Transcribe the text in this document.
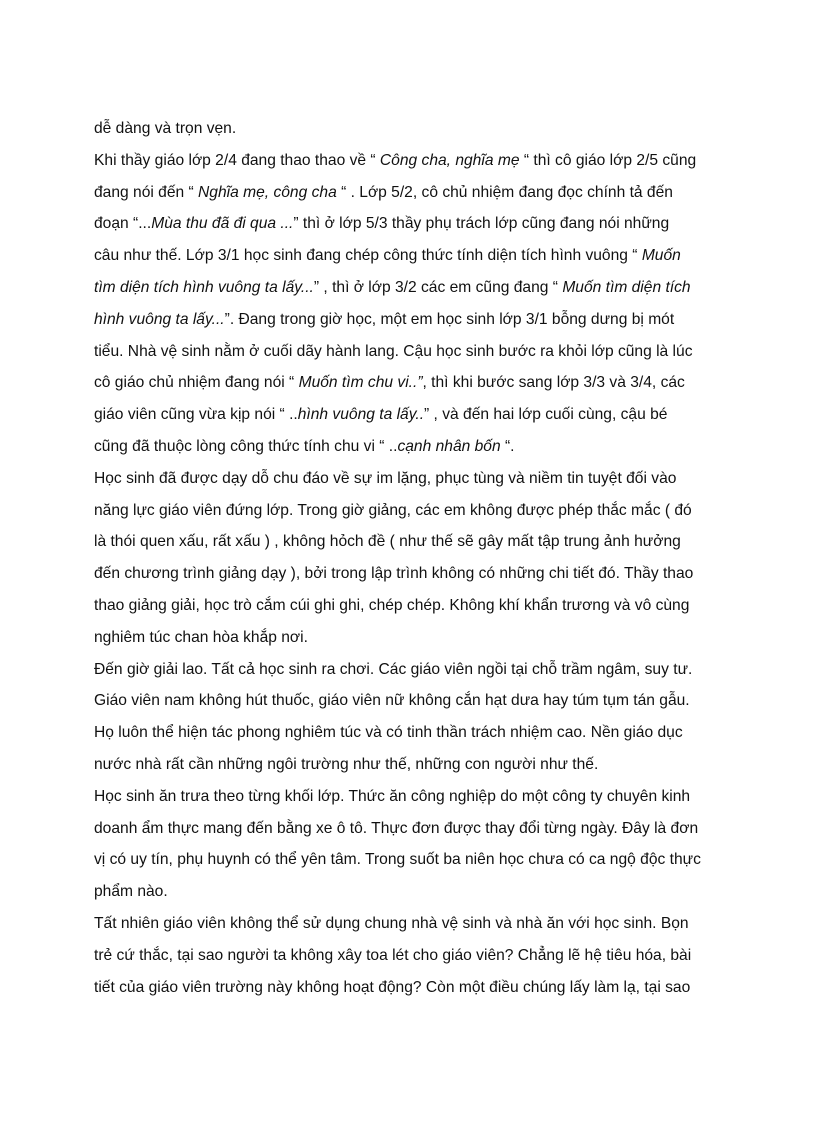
dễ dàng và trọn vẹn.

Khi thầy giáo lớp 2/4 đang thao thao về “ Công cha, nghĩa mẹ “ thì cô giáo lớp 2/5 cũng
đang nói đến “ Nghĩa mẹ, công cha “ . Lớp 5/2, cô chủ nhiệm đang đọc chính tả đến
đoạn “...Mùa thu đã đi qua ...” thì ở lớp 5/3 thầy phụ trách lớp cũng đang nói những
câu như thế. Lớp 3/1 học sinh đang chép công thức tính diện tích hình vuông “ Muốn
tìm diện tích hình vuông ta lấy...” , thì ở lớp 3/2 các em cũng đang “ Muốn tìm diện tích
hình vuông ta lấy...”. Đang trong giờ học, một em học sinh lớp 3/1 bỗng dưng bị mót
tiểu. Nhà vệ sinh nằm ở cuối dãy hành lang. Cậu học sinh bước ra khỏi lớp cũng là lúc
cô giáo chủ nhiệm đang nói “ Muốn tìm chu vi..”, thì khi bước sang lớp 3/3 và 3/4, các
giáo viên cũng vừa kịp nói “ ..hình vuông ta lấy..” , và đến hai lớp cuối cùng, cậu bé
cũng đã thuộc lòng công thức tính chu vi “ ..cạnh nhân bốn “.

Học sinh đã được dạy dỗ chu đáo về sự im lặng, phục tùng và niềm tin tuyệt đối vào
năng lực giáo viên đứng lớp. Trong giờ giảng, các em không được phép thắc mắc ( đó
là thói quen xấu, rất xấu ) , không hỏch đề ( như thế sẽ gây mất tập trung ảnh hưởng
đến chương trình giảng dạy ), bởi trong lập trình không có những chi tiết đó. Thầy thao
thao giảng giải, học trò cắm cúi ghi ghi, chép chép. Không khí khẩn trương và vô cùng
nghiêm túc chan hòa khắp nơi.

Đến giờ giải lao. Tất cả học sinh ra chơi. Các giáo viên ngồi tại chỗ trầm ngâm, suy tư.
Giáo viên nam không hút thuốc, giáo viên nữ không cắn hạt dưa hay túm tụm tán gẫu.
Họ luôn thể hiện tác phong nghiêm túc và có tinh thần trách nhiệm cao. Nền giáo dục
nước nhà rất cần những ngôi trường như thế, những con người như thế.

Học sinh ăn trưa theo từng khối lớp. Thức ăn công nghiệp do một công ty chuyên kinh
doanh ẩm thực mang đến bằng xe ô tô. Thực đơn được thay đổi từng ngày. Đây là đơn
vị có uy tín, phụ huynh có thể yên tâm. Trong suốt ba niên học chưa có ca ngộ độc thực
phẩm nào.

Tất nhiên giáo viên không thể sử dụng chung nhà vệ sinh và nhà ăn với học sinh. Bọn
trẻ cứ thắc, tại sao người ta không xây toa lét cho giáo viên? Chẳng lẽ hệ tiêu hóa, bài
tiết của giáo viên trường này không hoạt động? Còn một điều chúng lấy làm lạ, tại sao
